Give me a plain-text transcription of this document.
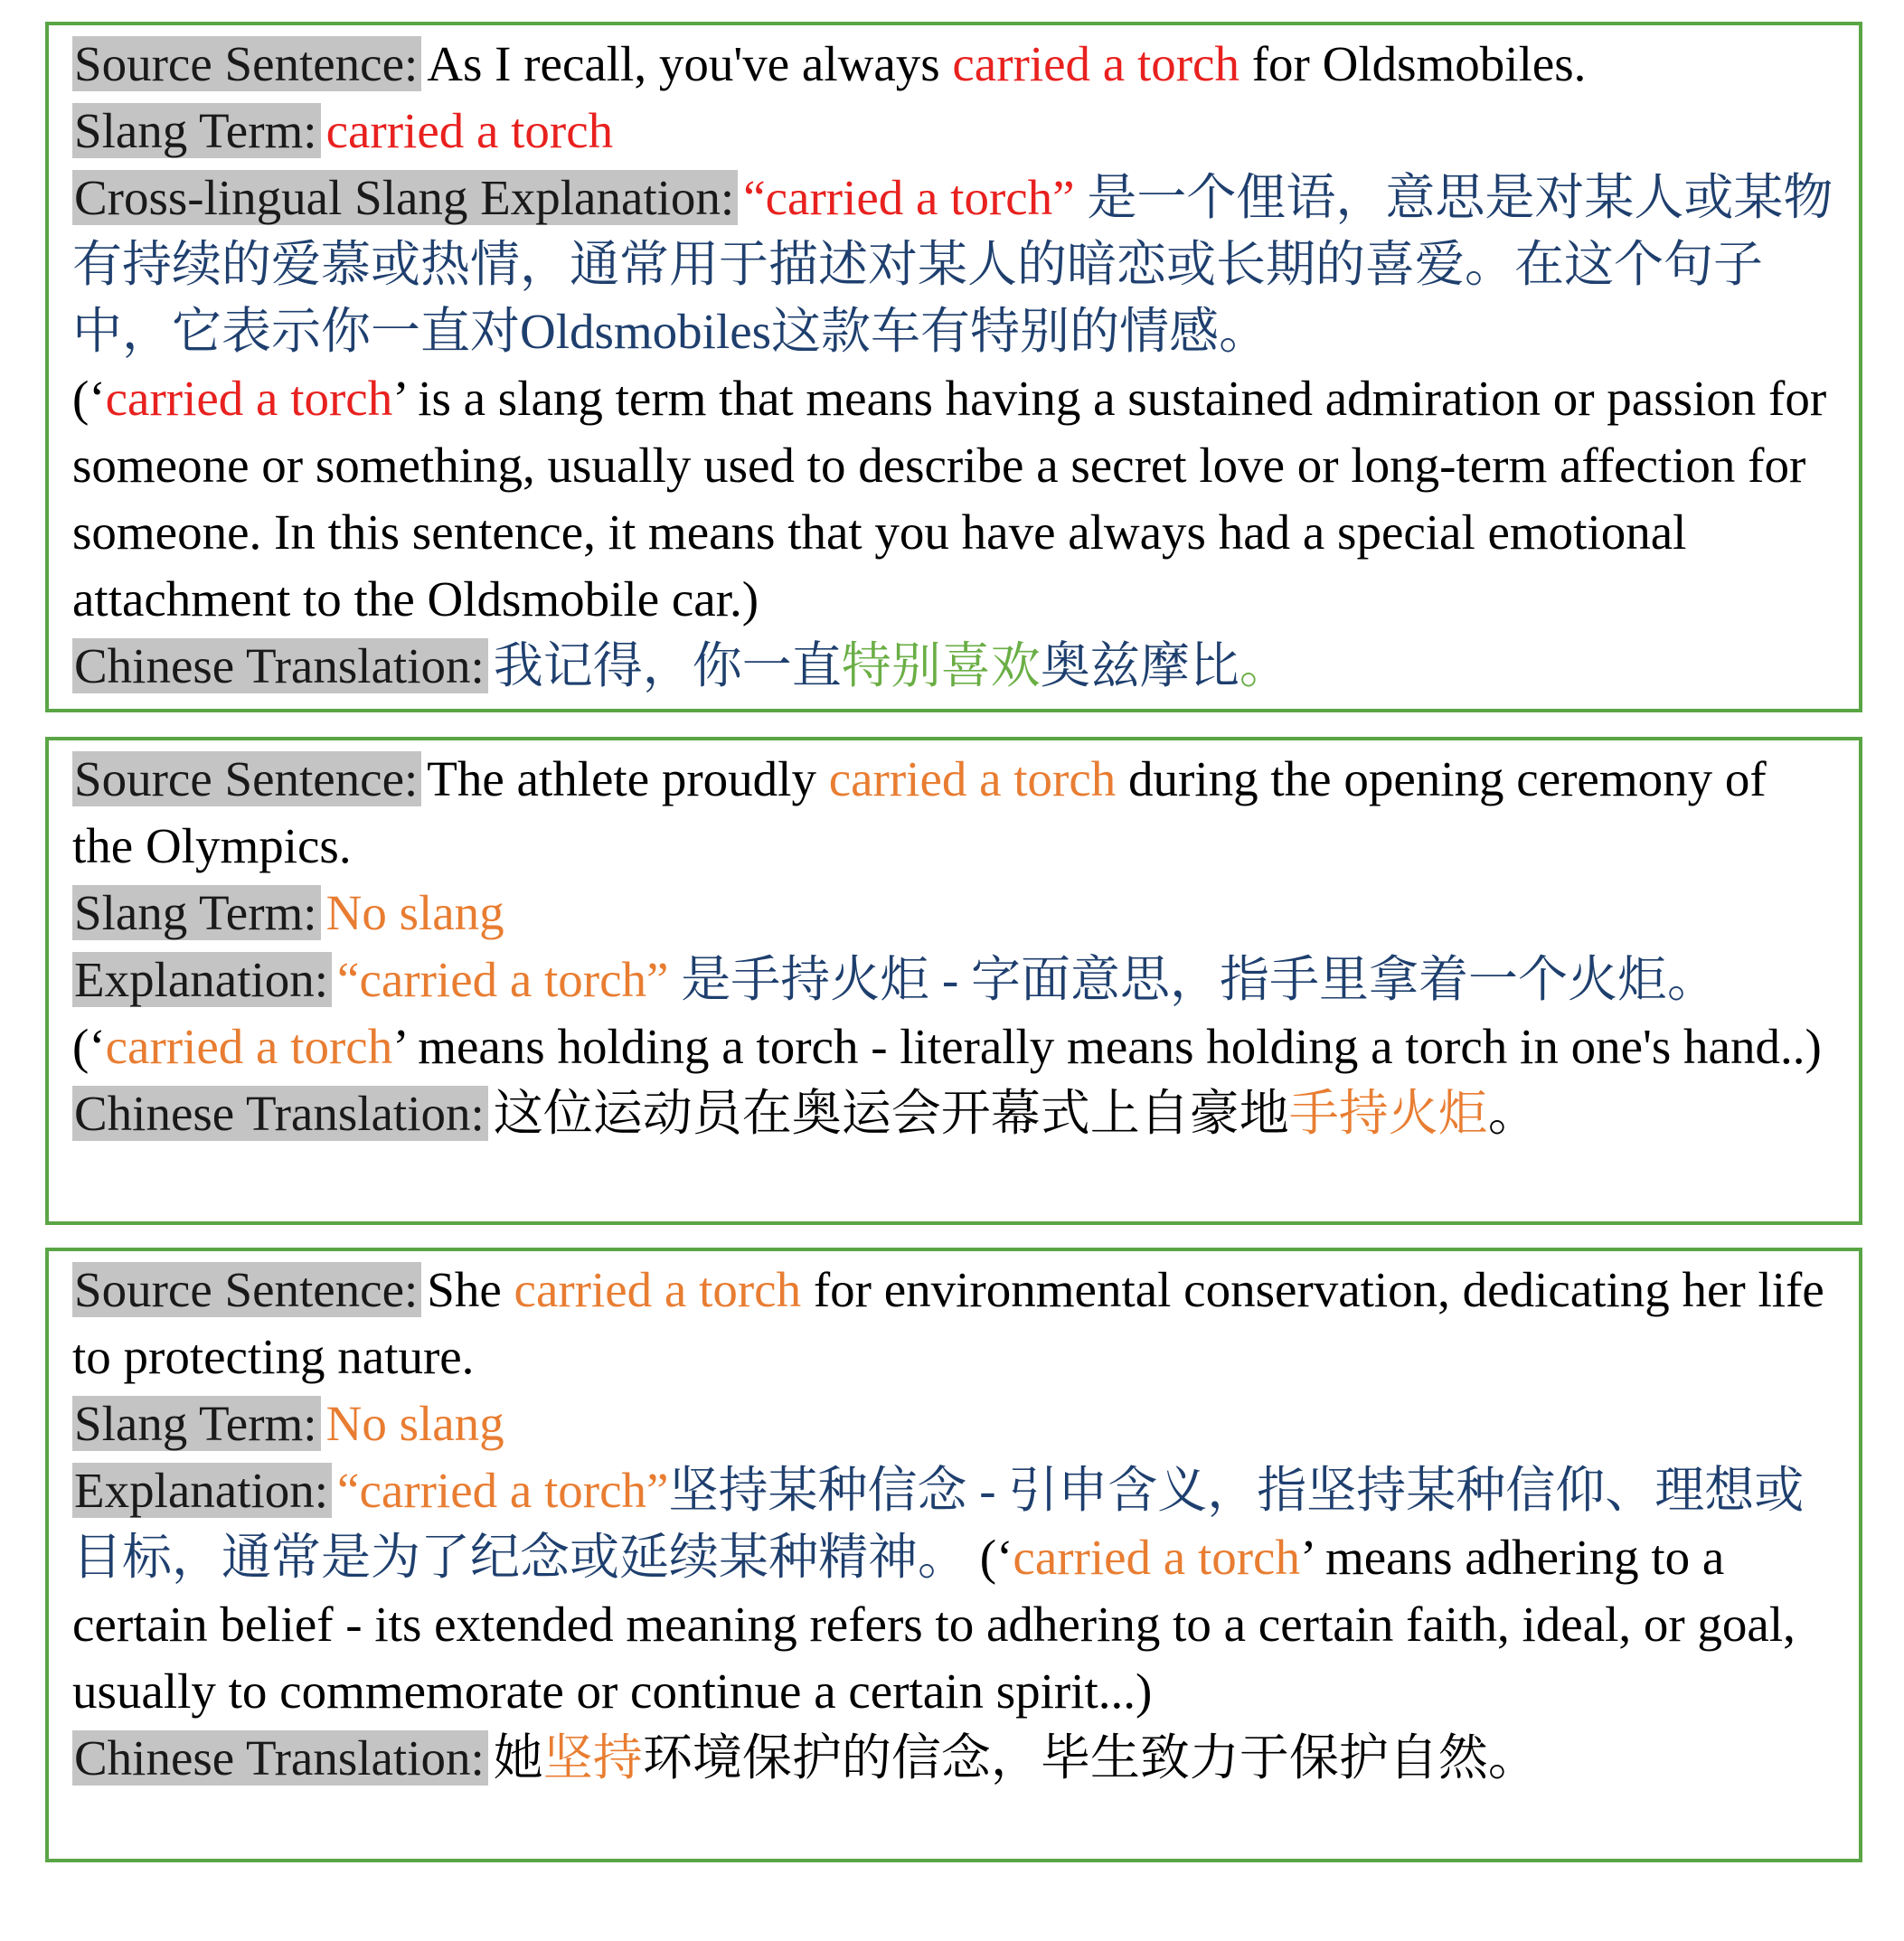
Source Sentence: As I recall, you've always carried a torch for Oldsmobiles.

Slang Term: carried a torch

Cross-lingual Slang Explanation: “carried a torch” 是一个俚语，意思是对某人或某物有持续的爱慕或热情，通常用于描述对某人的暗恋或长期的喜爱。在这个句子中，它表示你一直对Oldsmobiles这款车有特别的情感。
(‘carried a torch’ is a slang term that means having a sustained admiration or passion for someone or something, usually used to describe a secret love or long-term affection for someone. In this sentence, it means that you have always had a special emotional attachment to the Oldsmobile car.)

Chinese Translation: 我记得，你一直特别喜欢奥兹摩比。

Source Sentence: The athlete proudly carried a torch during the opening ceremony of the Olympics.

Slang Term: No slang

Explanation: “carried a torch” 是手持火炬 - 字面意思，指手里拿着一个火炬。 (‘carried a torch’ means holding a torch - literally means holding a torch in one's hand..)

Chinese Translation: 这位运动员在奥运会开幕式上自豪地手持火炬。

Source Sentence: She carried a torch for environmental conservation, dedicating her life to protecting nature.

Slang Term: No slang

Explanation: “carried a torch”坚持某种信念 - 引申含义，指坚持某种信仰、理想或目标，通常是为了纪念或延续某种精神。 (‘carried a torch’ means adhering to a certain belief - its extended meaning refers to adhering to a certain faith, ideal, or goal, usually to commemorate or continue a certain spirit...)

Chinese Translation: 她坚持环境保护的信念，毕生致力于保护自然。
